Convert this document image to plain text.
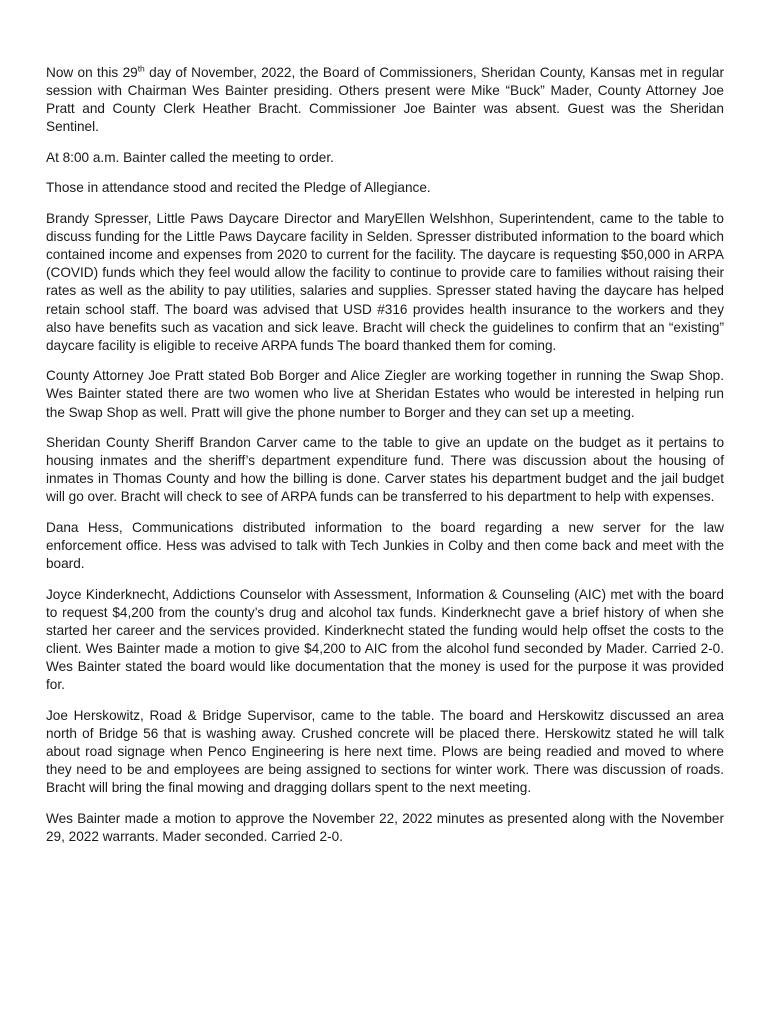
Now on this 29th day of November, 2022, the Board of Commissioners, Sheridan County, Kansas met in regular session with Chairman Wes Bainter presiding. Others present were Mike “Buck” Mader, County Attorney Joe Pratt and County Clerk Heather Bracht. Commissioner Joe Bainter was absent. Guest was the Sheridan Sentinel.

At 8:00 a.m. Bainter called the meeting to order.

Those in attendance stood and recited the Pledge of Allegiance.

Brandy Spresser, Little Paws Daycare Director and MaryEllen Welshhon, Superintendent, came to the table to discuss funding for the Little Paws Daycare facility in Selden. Spresser distributed information to the board which contained income and expenses from 2020 to current for the facility. The daycare is requesting $50,000 in ARPA (COVID) funds which they feel would allow the facility to continue to provide care to families without raising their rates as well as the ability to pay utilities, salaries and supplies. Spresser stated having the daycare has helped retain school staff. The board was advised that USD #316 provides health insurance to the workers and they also have benefits such as vacation and sick leave. Bracht will check the guidelines to confirm that an “existing” daycare facility is eligible to receive ARPA funds The board thanked them for coming.

County Attorney Joe Pratt stated Bob Borger and Alice Ziegler are working together in running the Swap Shop. Wes Bainter stated there are two women who live at Sheridan Estates who would be interested in helping run the Swap Shop as well. Pratt will give the phone number to Borger and they can set up a meeting.

Sheridan County Sheriff Brandon Carver came to the table to give an update on the budget as it pertains to housing inmates and the sheriff’s department expenditure fund. There was discussion about the housing of inmates in Thomas County and how the billing is done. Carver states his department budget and the jail budget will go over. Bracht will check to see of ARPA funds can be transferred to his department to help with expenses.

Dana Hess, Communications distributed information to the board regarding a new server for the law enforcement office. Hess was advised to talk with Tech Junkies in Colby and then come back and meet with the board.

Joyce Kinderknecht, Addictions Counselor with Assessment, Information & Counseling (AIC) met with the board to request $4,200 from the county’s drug and alcohol tax funds. Kinderknecht gave a brief history of when she started her career and the services provided. Kinderknecht stated the funding would help offset the costs to the client. Wes Bainter made a motion to give $4,200 to AIC from the alcohol fund seconded by Mader. Carried 2-0. Wes Bainter stated the board would like documentation that the money is used for the purpose it was provided for.

Joe Herskowitz, Road & Bridge Supervisor, came to the table. The board and Herskowitz discussed an area north of Bridge 56 that is washing away. Crushed concrete will be placed there. Herskowitz stated he will talk about road signage when Penco Engineering is here next time. Plows are being readied and moved to where they need to be and employees are being assigned to sections for winter work. There was discussion of roads. Bracht will bring the final mowing and dragging dollars spent to the next meeting.

Wes Bainter made a motion to approve the November 22, 2022 minutes as presented along with the November 29, 2022 warrants. Mader seconded. Carried 2-0.
